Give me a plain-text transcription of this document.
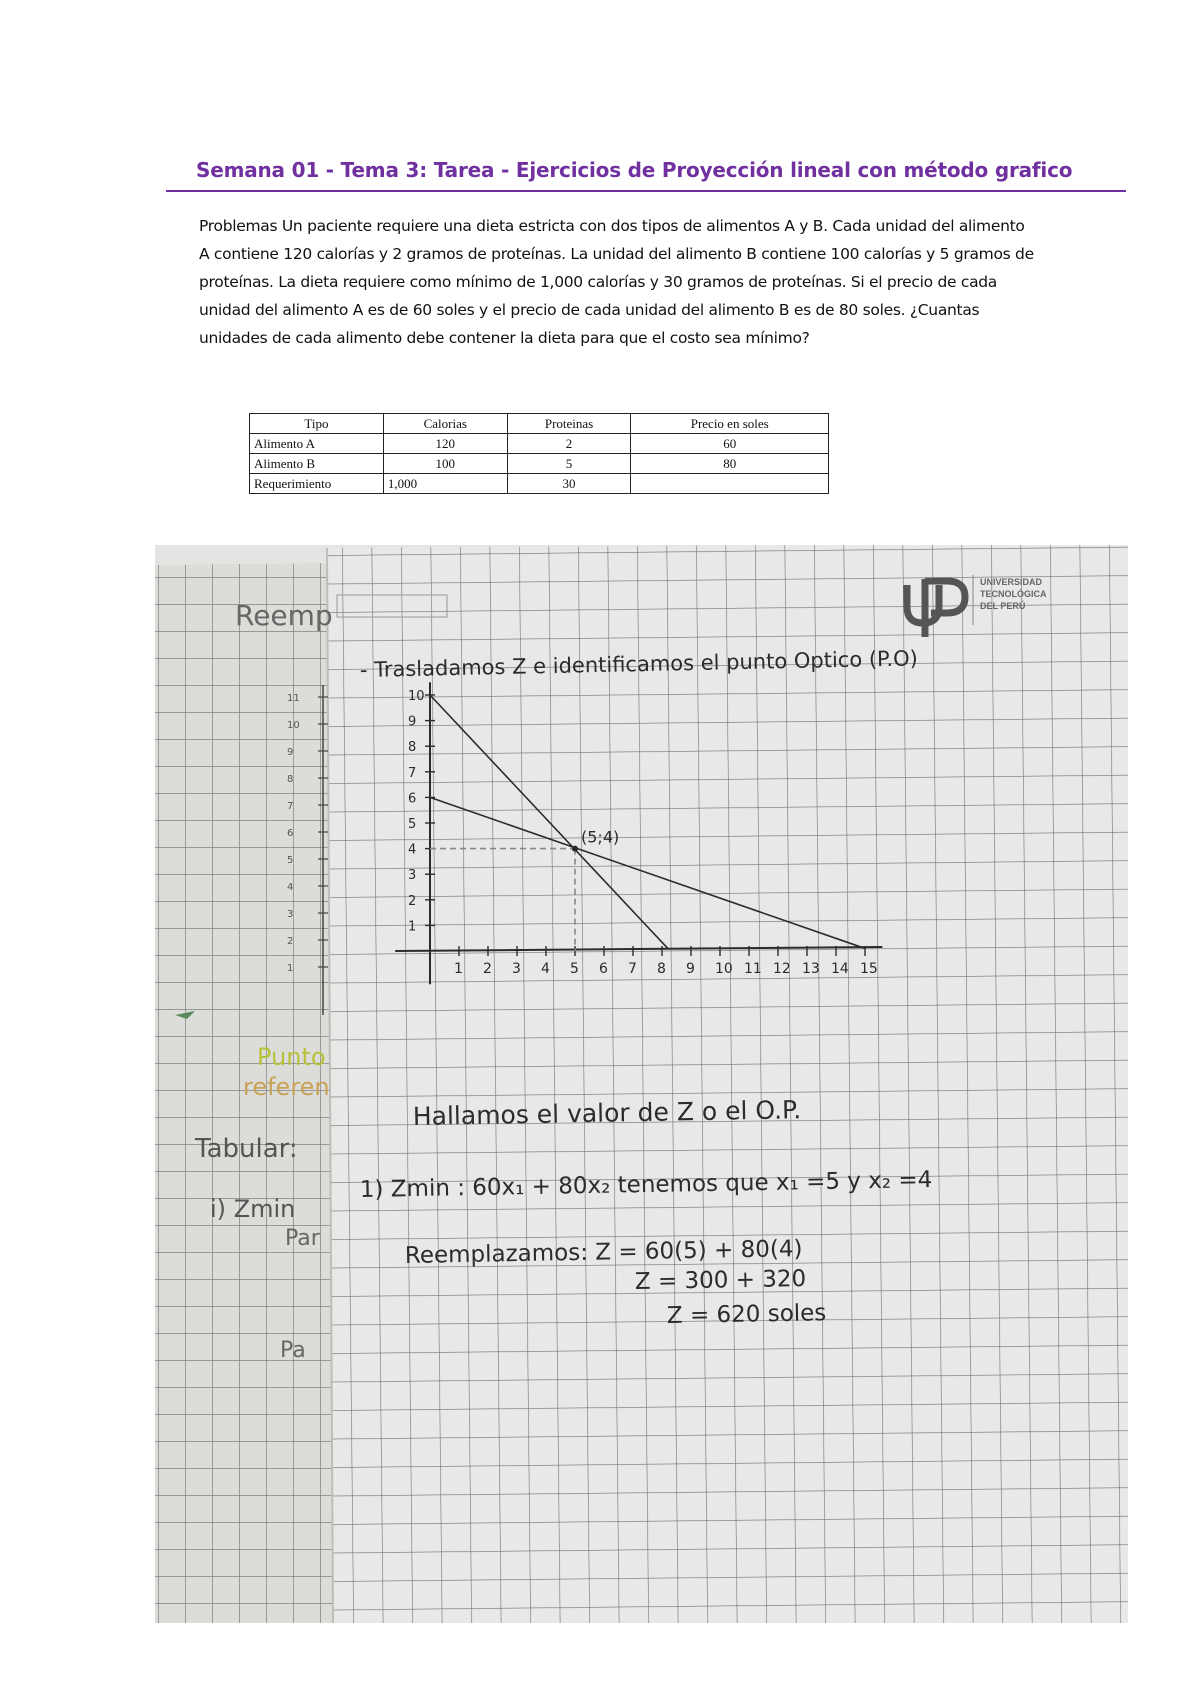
Semana 01 - Tema 3: Tarea - Ejercicios de Proyección lineal con método grafico
Problemas Un paciente requiere una dieta estricta con dos tipos de alimentos A y B. Cada unidad del alimento A contiene 120 calorías y 2 gramos de proteínas. La unidad del alimento B contiene 100 calorías y 5 gramos de proteínas. La dieta requiere como mínimo de 1,000 calorías y 30 gramos de proteínas. Si el precio de cada unidad del alimento A es de 60 soles y el precio de cada unidad del alimento B es de 80 soles. ¿Cuantas unidades de cada alimento debe contener la dieta para que el costo sea mínimo?
Tipo	Calorias	Proteinas	Precio en soles
Alimento A	120	2	60
Alimento B	100	5	80
Requerimiento	1,000	30	
11
10
9
8
7
6
5
4
3
2
1
Reemp
Punto
referen
Tabular:
i) Zmin
Par
Pa
UNIVERSIDAD
TECNOLÓGICA
DEL PERÚ
- Trasladamos Z e identificamos el punto Optico (P.O)
1 2 3 4 5 6 7 8 9 10 11 12 13 14 15
10
9
8
7
6
5
4
3
2
1
(5;4)
Hallamos el valor de Z o el O.P.
1) Zmin : 60x₁ + 80x₂ tenemos que x₁ =5 y x₂ =4
Reemplazamos: Z = 60(5) + 80(4)
Z = 300 + 320
Z = 620 soles
